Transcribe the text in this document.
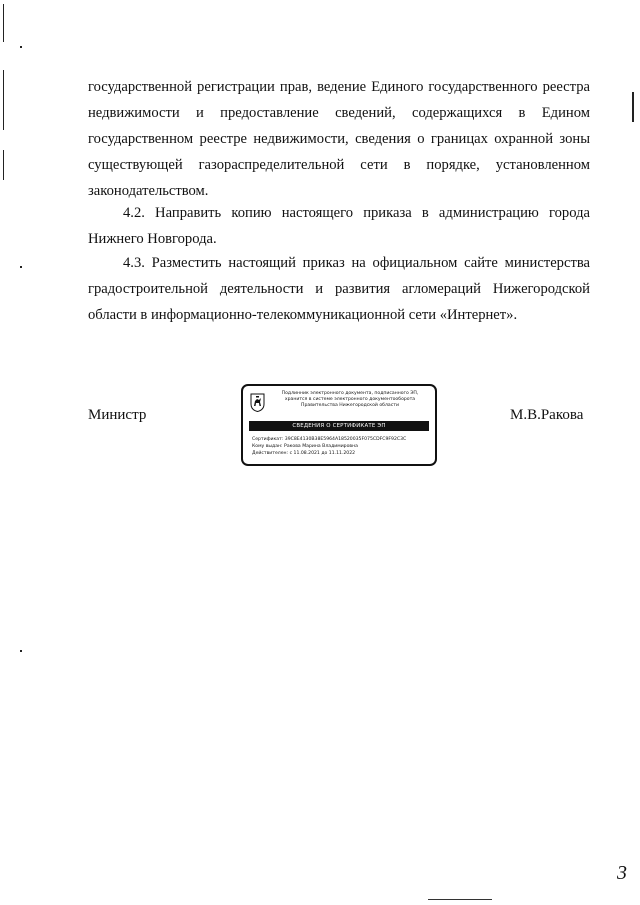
государственной регистрации прав, ведение Единого государственного реестра
недвижимости и предоставление сведений, содержащихся в Едином
государственном реестре недвижимости, сведения о границах охранной зоны
существующей газораспределительной сети в порядке, установленном
законодательством.
4.2. Направить копию настоящего приказа в администрацию города
Нижнего Новгорода.
4.3. Разместить настоящий приказ на официальном сайте министерства
градостроительной деятельности и развития агломераций Нижегородской
области в информационно-телекоммуникационной сети «Интернет».
Министр	М.В.Ракова
Подлинник электронного документа, подписанного ЭП,
хранится в системе электронного документооборота
Правительства Нижегородской области
СВЕДЕНИЯ О СЕРТИФИКАТЕ ЭП
Сертификат: 39C8E4130B38E5964A18520035F075CDFC9F92C3C
Кому выдан: Ракова Марина Владимировна
Действителен: с 11.08.2021 до 11.11.2022
3
